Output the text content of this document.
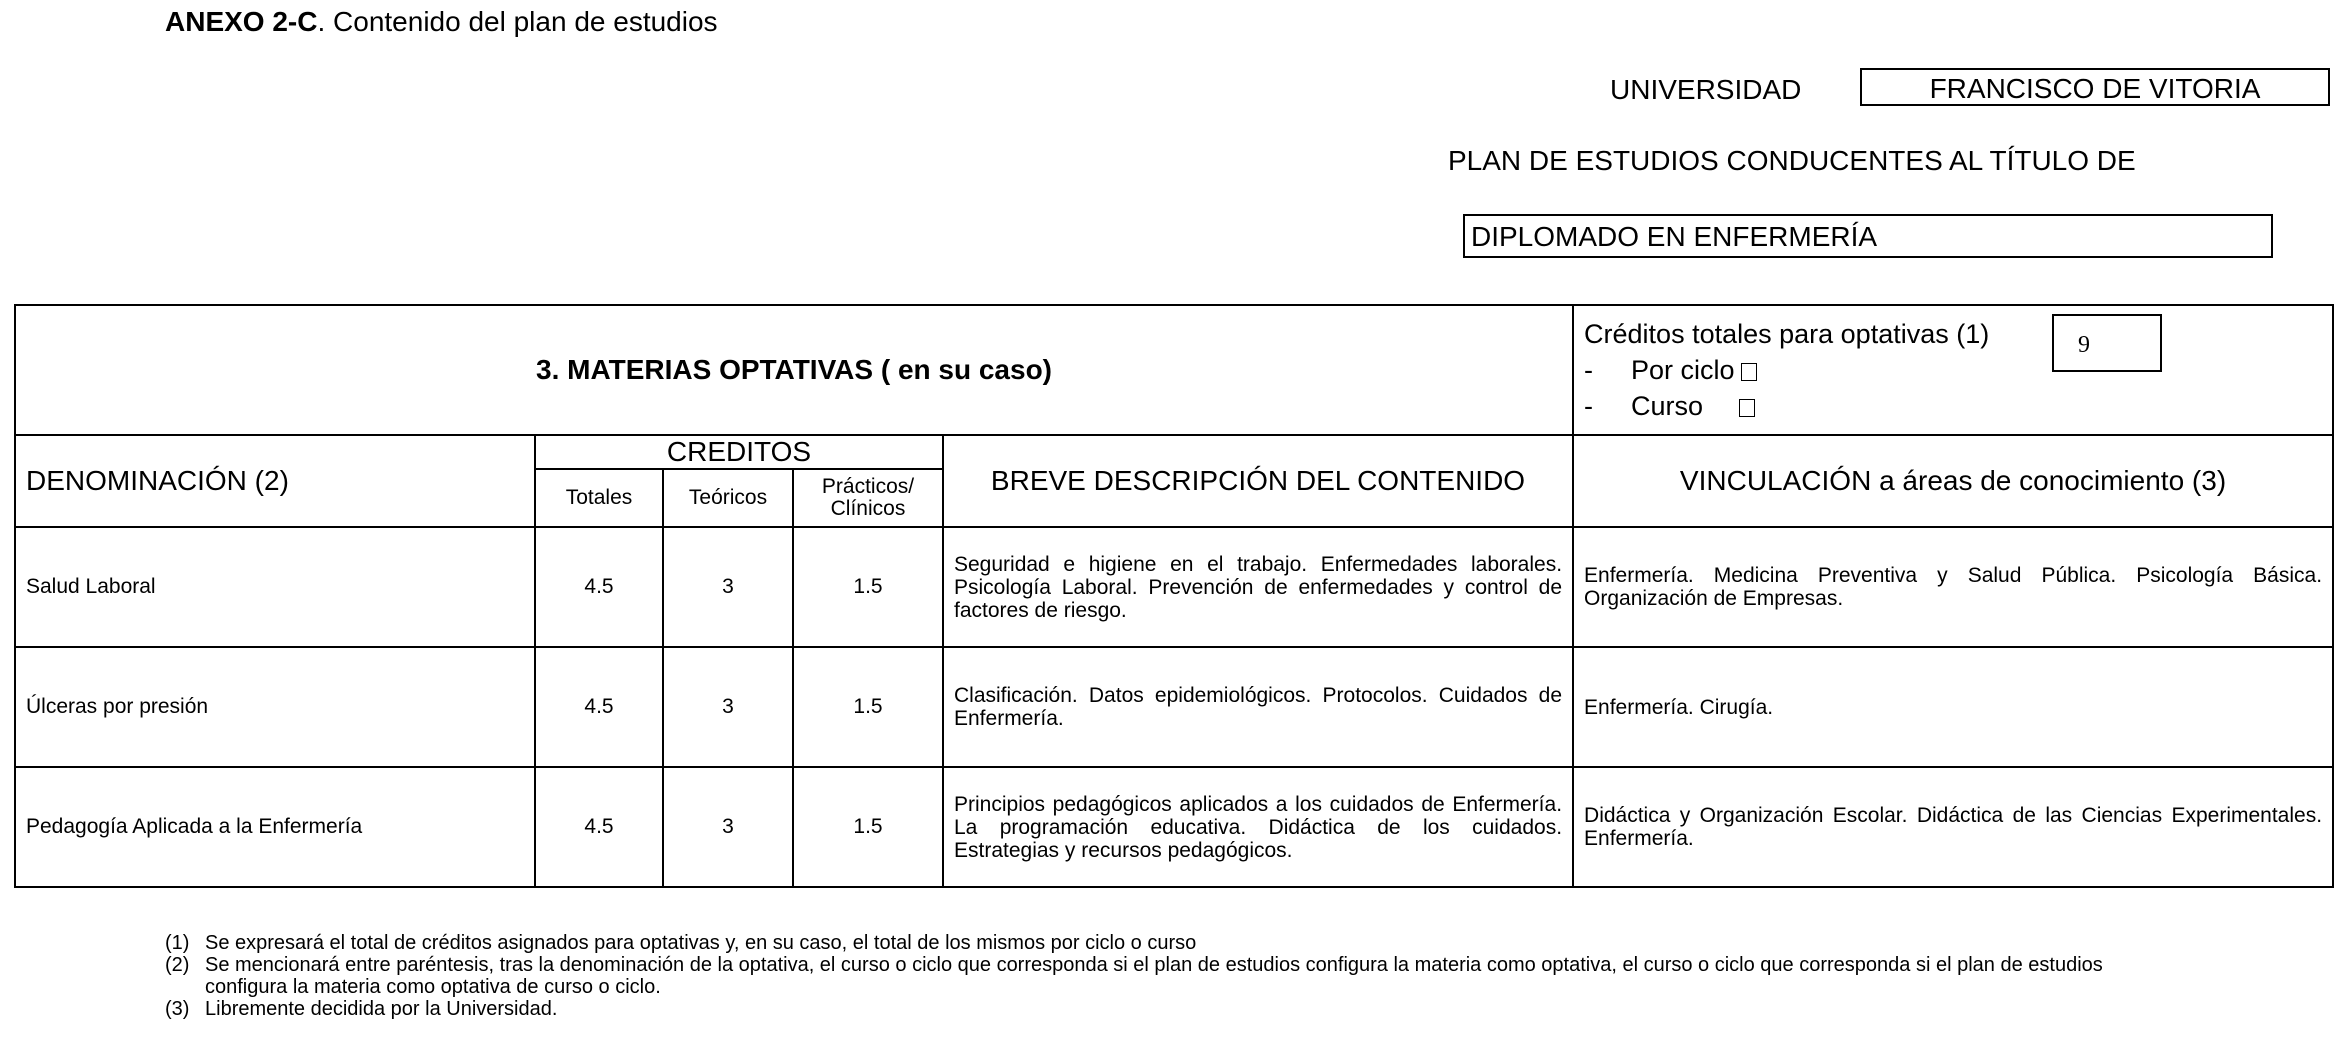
ANEXO 2-C. Contenido del plan de estudios
UNIVERSIDAD	FRANCISCO DE VITORIA
PLAN DE ESTUDIOS CONDUCENTES AL TÍTULO DE
DIPLOMADO EN ENFERMERÍA
3. MATERIAS OPTATIVAS ( en su caso)					Créditos totales para optativas (1) 9
- Por ciclo
- Curso

DENOMINACIÓN (2)	CREDITOS			BREVE DESCRIPCIÓN DEL CONTENIDO	VINCULACIÓN a áreas de conocimiento (3)
	Totales	Teóricos	Prácticos/ Clínicos		
Salud Laboral	4.5	3	1.5	Seguridad e higiene en el trabajo. Enfermedades laborales. Psicología Laboral. Prevención de enfermedades y control de factores de riesgo.	Enfermería. Medicina Preventiva y Salud Pública. Psicología Básica. Organización de Empresas.
Úlceras por presión	4.5	3	1.5	Clasificación. Datos epidemiológicos. Protocolos. Cuidados de Enfermería.	Enfermería. Cirugía.
Pedagogía Aplicada a la Enfermería	4.5	3	1.5	Principios pedagógicos aplicados a los cuidados de Enfermería. La programación educativa. Didáctica de los cuidados. Estrategias y recursos pedagógicos.	Didáctica y Organización Escolar. Didáctica de las Ciencias Experimentales. Enfermería.
(1) Se expresará el total de créditos asignados para optativas y, en su caso, el total de los mismos por ciclo o curso
(2) Se mencionará entre paréntesis, tras la denominación de la optativa, el curso o ciclo que corresponda si el plan de estudios configura la materia como optativa, el curso o ciclo que corresponda si el plan de estudios configura la materia como optativa de curso o ciclo.
(3) Libremente decidida por la Universidad.
